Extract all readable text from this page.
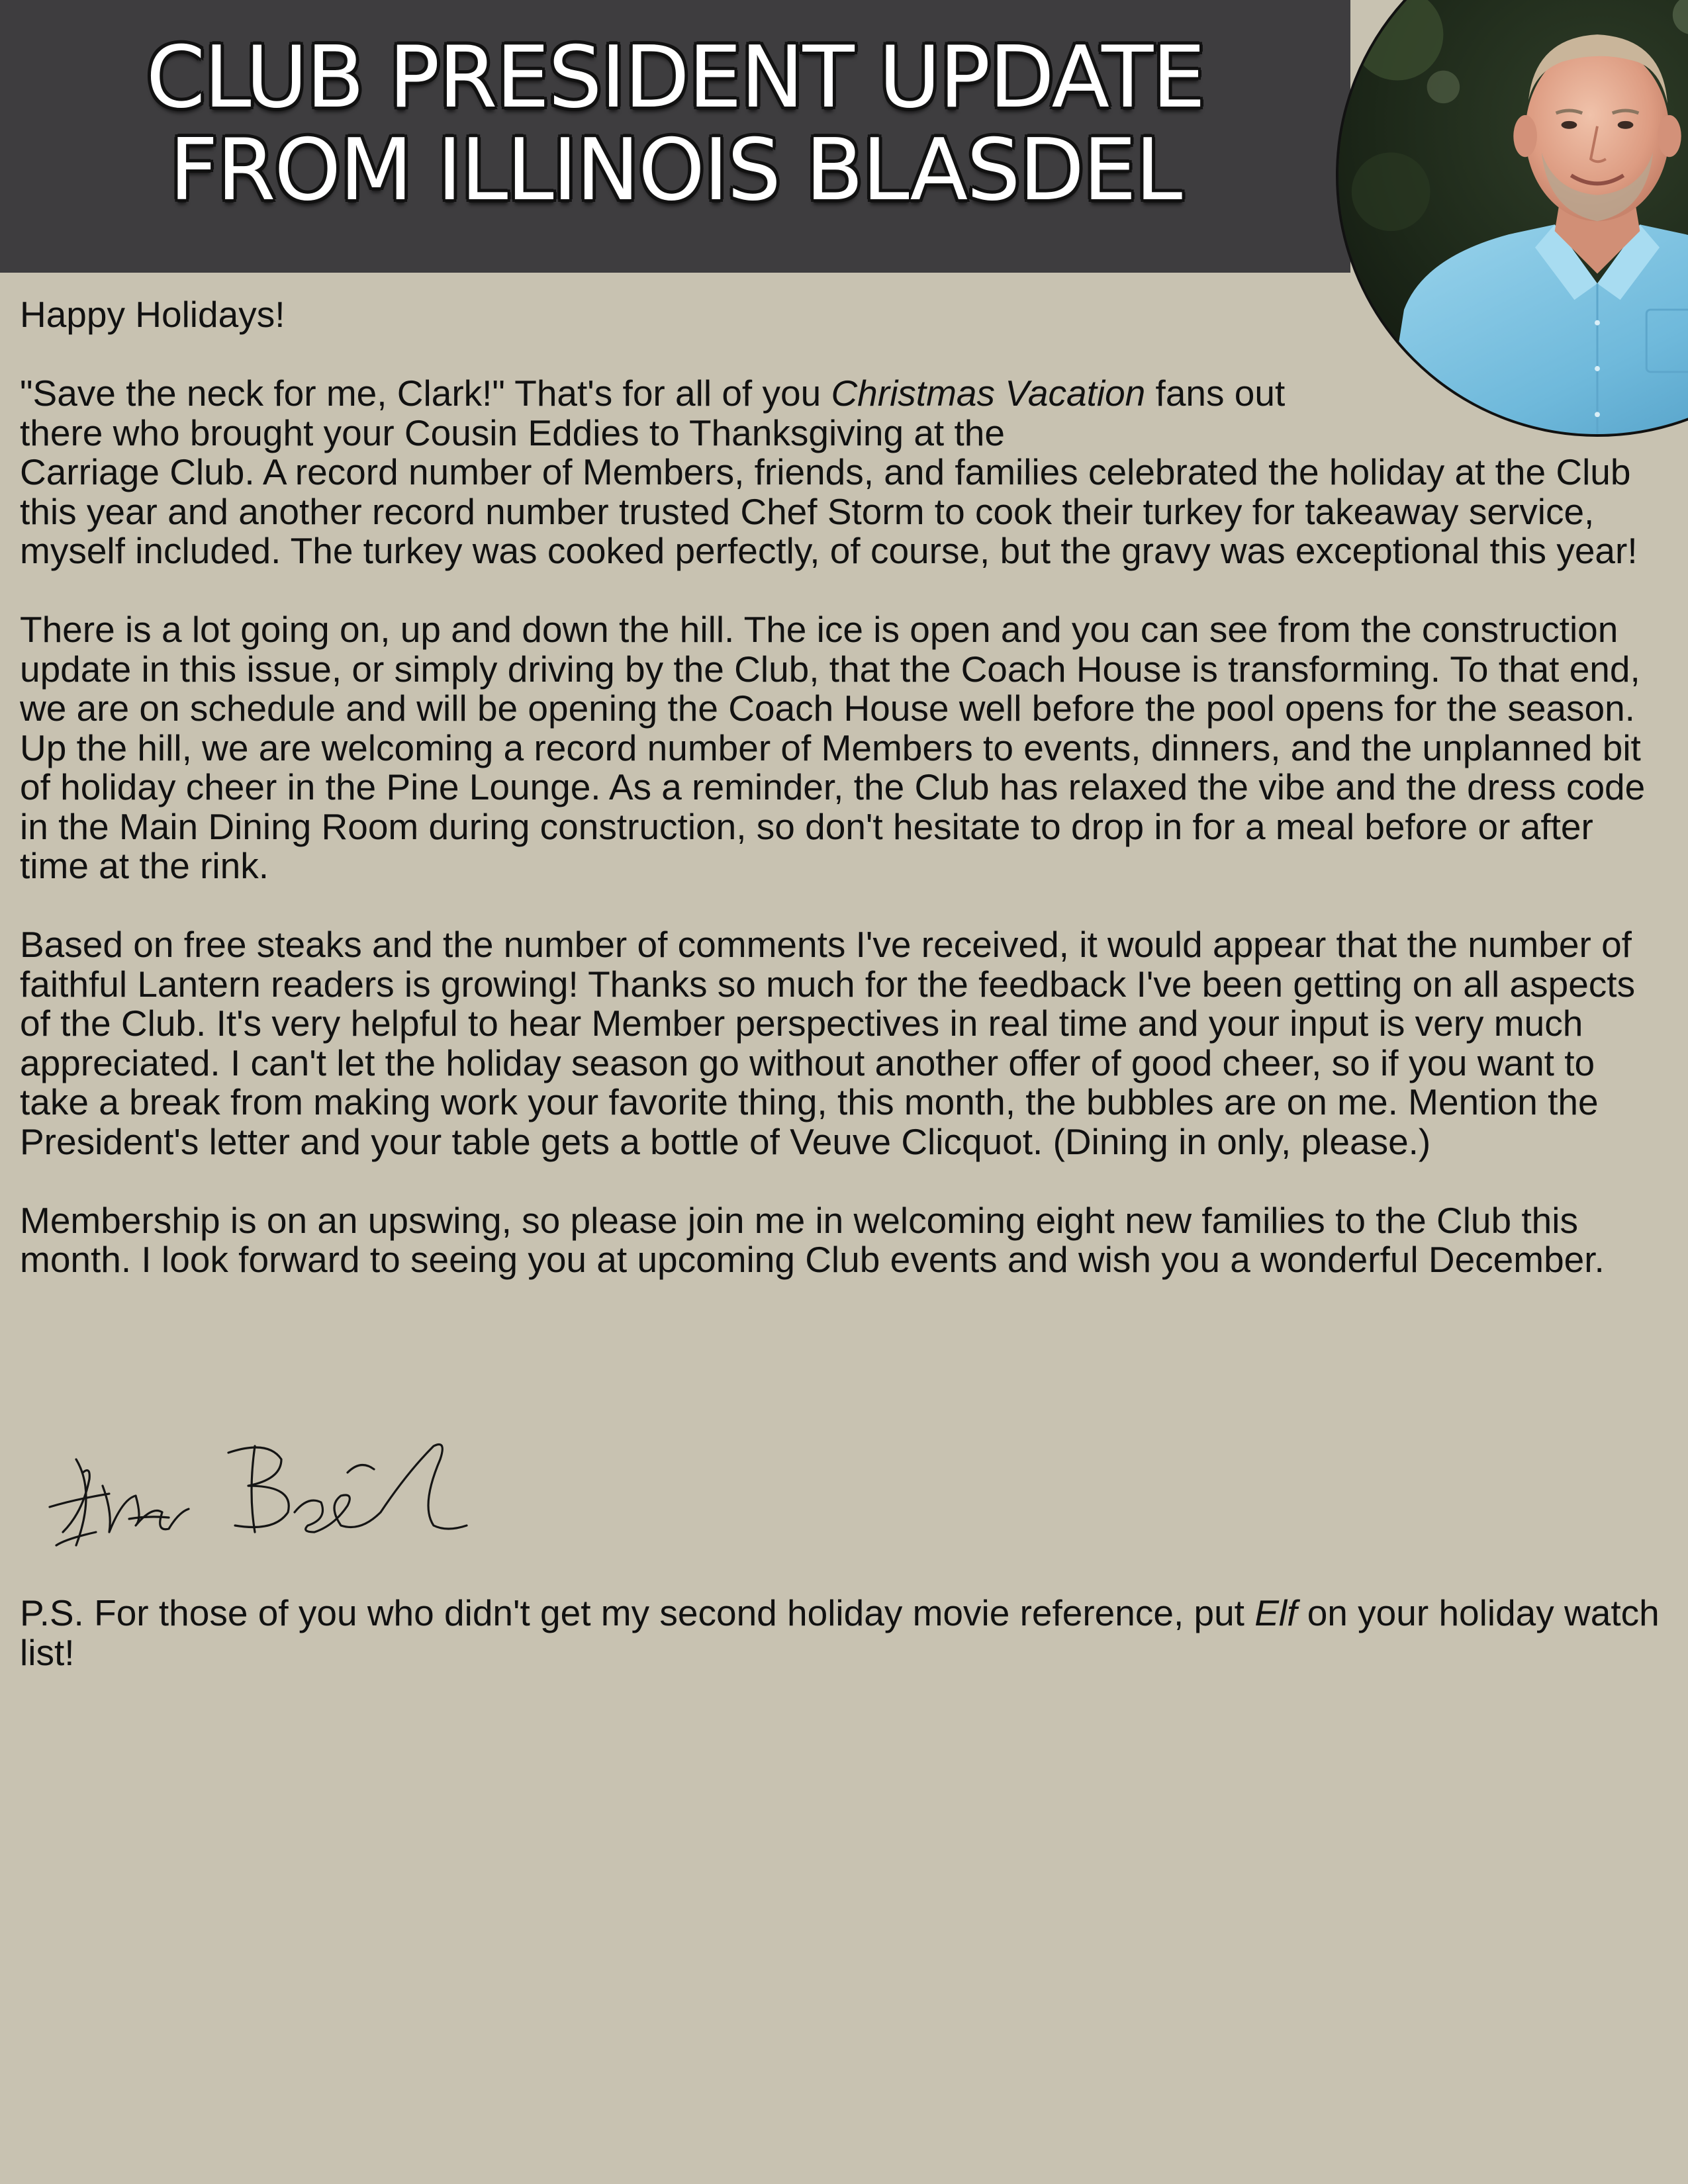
CLUB PRESIDENT UPDATE
FROM ILLINOIS BLASDEL

Happy Holidays!

"Save the neck for me, Clark!" That's for all of you Christmas Vacation fans out there who brought your Cousin Eddies to Thanksgiving at the
Carriage Club. A record number of Members, friends, and families celebrated the holiday at the Club this year and another record number trusted Chef Storm to cook their turkey for takeaway service, myself included. The turkey was cooked perfectly, of course, but the gravy was exceptional this year!

There is a lot going on, up and down the hill. The ice is open and you can see from the construction update in this issue, or simply driving by the Club, that the Coach House is transforming. To that end, we are on schedule and will be opening the Coach House well before the pool opens for the season. Up the hill, we are welcoming a record number of Members to events, dinners, and the unplanned bit of holiday cheer in the Pine Lounge. As a reminder, the Club has relaxed the vibe and the dress code in the Main Dining Room during construction, so don't hesitate to drop in for a meal before or after time at the rink.

Based on free steaks and the number of comments I've received, it would appear that the number of faithful Lantern readers is growing! Thanks so much for the feedback I've been getting on all aspects of the Club. It's very helpful to hear Member perspectives in real time and your input is very much appreciated. I can't let the holiday season go without another offer of good cheer, so if you want to take a break from making work your favorite thing, this month, the bubbles are on me. Mention the President's letter and your table gets a bottle of Veuve Clicquot. (Dining in only, please.)

Membership is on an upswing, so please join me in welcoming eight new families to the Club this month. I look forward to seeing you at upcoming Club events and wish you a wonderful December.

P.S. For those of you who didn't get my second holiday movie reference, put Elf on your holiday watch list!
